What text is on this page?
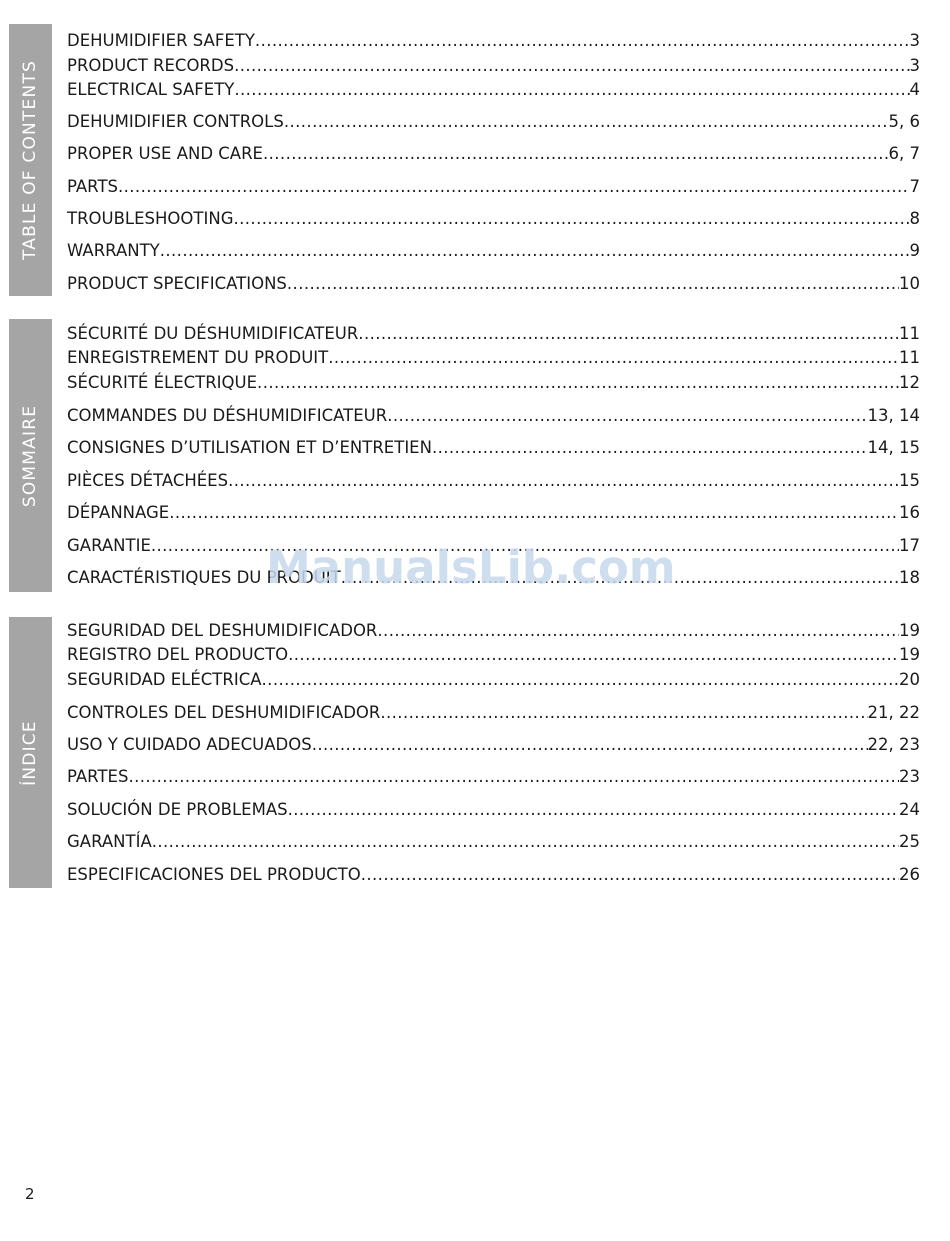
TABLE OF CONTENTS
DEHUMIDIFIER SAFETY .....	3
PRODUCT RECORDS .....	3
ELECTRICAL SAFETY .....	4
DEHUMIDIFIER CONTROLS .....	5, 6
PROPER USE AND CARE .....	6, 7
PARTS .....	7
TROUBLESHOOTING .....	8
WARRANTY .....	9
PRODUCT SPECIFICATIONS .....	10
SOMMAIRE
SÉCURITÉ DU DÉSHUMIDIFICATEUR .....	11
ENREGISTREMENT DU PRODUIT .....	11
SÉCURITÉ ÉLECTRIQUE .....	12
COMMANDES DU DÉSHUMIDIFICATEUR .....	13, 14
CONSIGNES D’UTILISATION ET D’ENTRETIEN .....	14, 15
PIÈCES DÉTACHÉES .....	15
DÉPANNAGE .....	16
GARANTIE .....	17
CARACTÉRISTIQUES DU PRODUIT .....	18
ÍNDICE
SEGURIDAD DEL DESHUMIDIFICADOR .....	19
REGISTRO DEL PRODUCTO .....	19
SEGURIDAD ELÉCTRICA .....	20
CONTROLES DEL DESHUMIDIFICADOR .....	21, 22
USO Y CUIDADO ADECUADOS .....	22, 23
PARTES .....	23
SOLUCIÓN DE PROBLEMAS .....	24
GARANTÍA .....	25
ESPECIFICACIONES DEL PRODUCTO .....	26
ManualsLib.com
2
